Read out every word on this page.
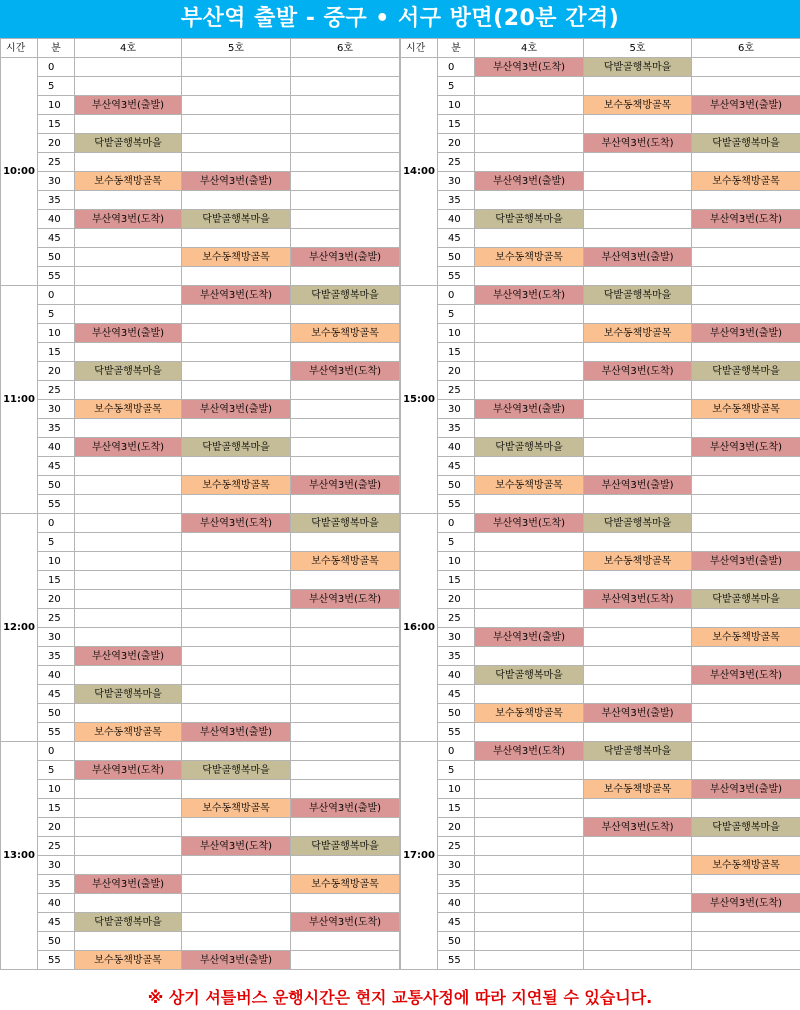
부산역 출발 - 중구 • 서구 방면(20분 간격)
시간	분	4호	5호	6호
10:00	0			
	5			
	10	부산역3번(출발)		
	15			
	20	닥밭골행복마을		
	25			
	30	보수동책방골목	부산역3번(출발)	
	35			
	40	부산역3번(도착)	닥밭골행복마을	
	45			
	50		보수동책방골목	부산역3번(출발)
	55			
11:00	0		부산역3번(도착)	닥밭골행복마을
	5			
	10	부산역3번(출발)		보수동책방골목
	15			
	20	닥밭골행복마을		부산역3번(도착)
	25			
	30	보수동책방골목	부산역3번(출발)	
	35			
	40	부산역3번(도착)	닥밭골행복마을	
	45			
	50		보수동책방골목	부산역3번(출발)
	55			
12:00	0		부산역3번(도착)	닥밭골행복마을
	5			
	10			보수동책방골목
	15			
	20			부산역3번(도착)
	25			
	30			
	35	부산역3번(출발)		
	40			
	45	닥밭골행복마을		
	50			
	55	보수동책방골목	부산역3번(출발)	
13:00	0			
	5	부산역3번(도착)	닥밭골행복마을	
	10			
	15		보수동책방골목	부산역3번(출발)
	20			
	25		부산역3번(도착)	닥밭골행복마을
	30			
	35	부산역3번(출발)		보수동책방골목
	40			
	45	닥밭골행복마을		부산역3번(도착)
	50			
	55	보수동책방골목	부산역3번(출발)	
시간	분	4호	5호	6호
14:00	0	부산역3번(도착)	닥밭골행복마을	
	5			
	10		보수동책방골목	부산역3번(출발)
	15			
	20		부산역3번(도착)	닥밭골행복마을
	25			
	30	부산역3번(출발)		보수동책방골목
	35			
	40	닥밭골행복마을		부산역3번(도착)
	45			
	50	보수동책방골목	부산역3번(출발)	
	55			
15:00	0	부산역3번(도착)	닥밭골행복마을	
	5			
	10		보수동책방골목	부산역3번(출발)
	15			
	20		부산역3번(도착)	닥밭골행복마을
	25			
	30	부산역3번(출발)		보수동책방골목
	35			
	40	닥밭골행복마을		부산역3번(도착)
	45			
	50	보수동책방골목	부산역3번(출발)	
	55			
16:00	0	부산역3번(도착)	닥밭골행복마을	
	5			
	10		보수동책방골목	부산역3번(출발)
	15			
	20		부산역3번(도착)	닥밭골행복마을
	25			
	30	부산역3번(출발)		보수동책방골목
	35			
	40	닥밭골행복마을		부산역3번(도착)
	45			
	50	보수동책방골목	부산역3번(출발)	
	55			
17:00	0	부산역3번(도착)	닥밭골행복마을	
	5			
	10		보수동책방골목	부산역3번(출발)
	15			
	20		부산역3번(도착)	닥밭골행복마을
	25			
	30			보수동책방골목
	35			
	40			부산역3번(도착)
	45			
	50			
	55			
※ 상기 셔틀버스 운행시간은 현지 교통사정에 따라 지연될 수 있습니다.
